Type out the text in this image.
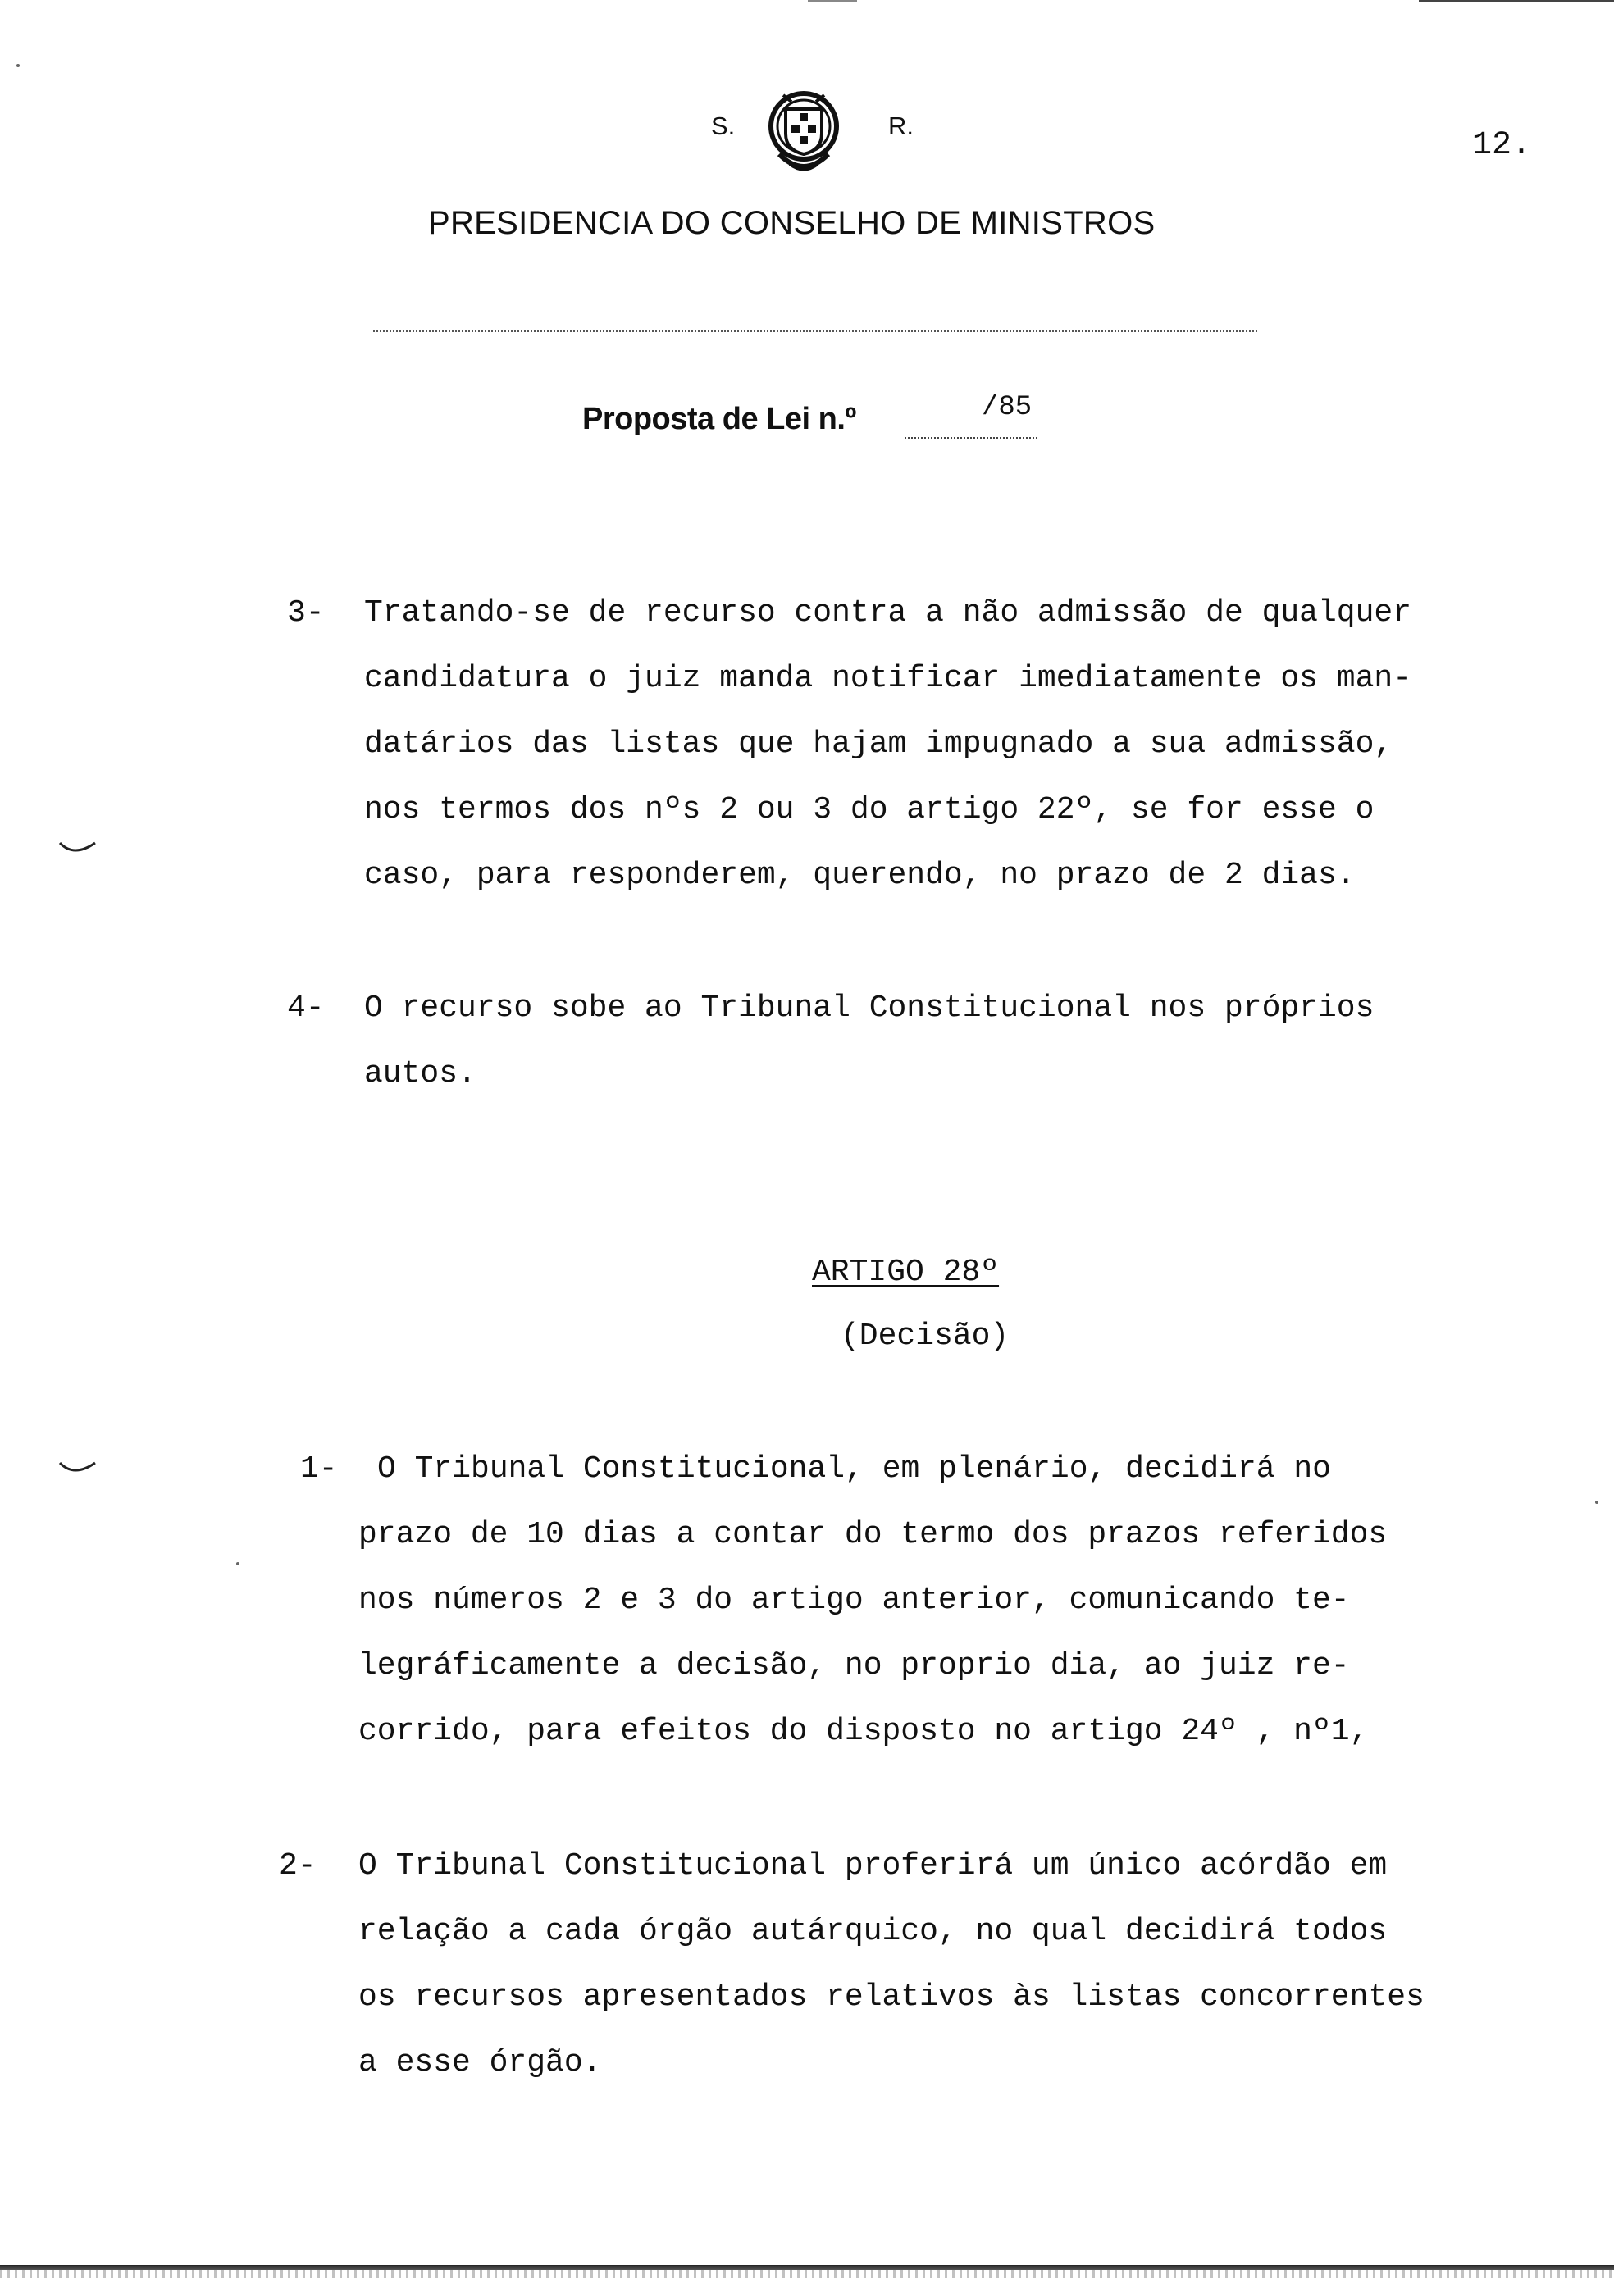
S.	R.
12.
PRESIDENCIA DO CONSELHO DE MINISTROS
Proposta de Lei n.º	/85
3- Tratando-se de recurso contra a não admissão de qualquer
candidatura o juiz manda notificar imediatamente os man-
datários das listas que hajam impugnado a sua admissão,
nos termos dos nºs 2 ou 3 do artigo 22º, se for esse o
caso, para responderem, querendo, no prazo de 2 dias.
4- O recurso sobe ao Tribunal Constitucional nos próprios
autos.
ARTIGO 28º
(Decisão)
1- O Tribunal Constitucional, em plenário, decidirá no
prazo de 10 dias a contar do termo dos prazos referidos
nos números 2 e 3 do artigo anterior, comunicando te-
legráficamente a decisão, no proprio dia, ao juiz re-
corrido, para efeitos do disposto no artigo 24º , nº1,
2- O Tribunal Constitucional proferirá um único acórdão em
relação a cada órgão autárquico, no qual decidirá todos
os recursos apresentados relativos às listas concorrentes
a esse órgão.
